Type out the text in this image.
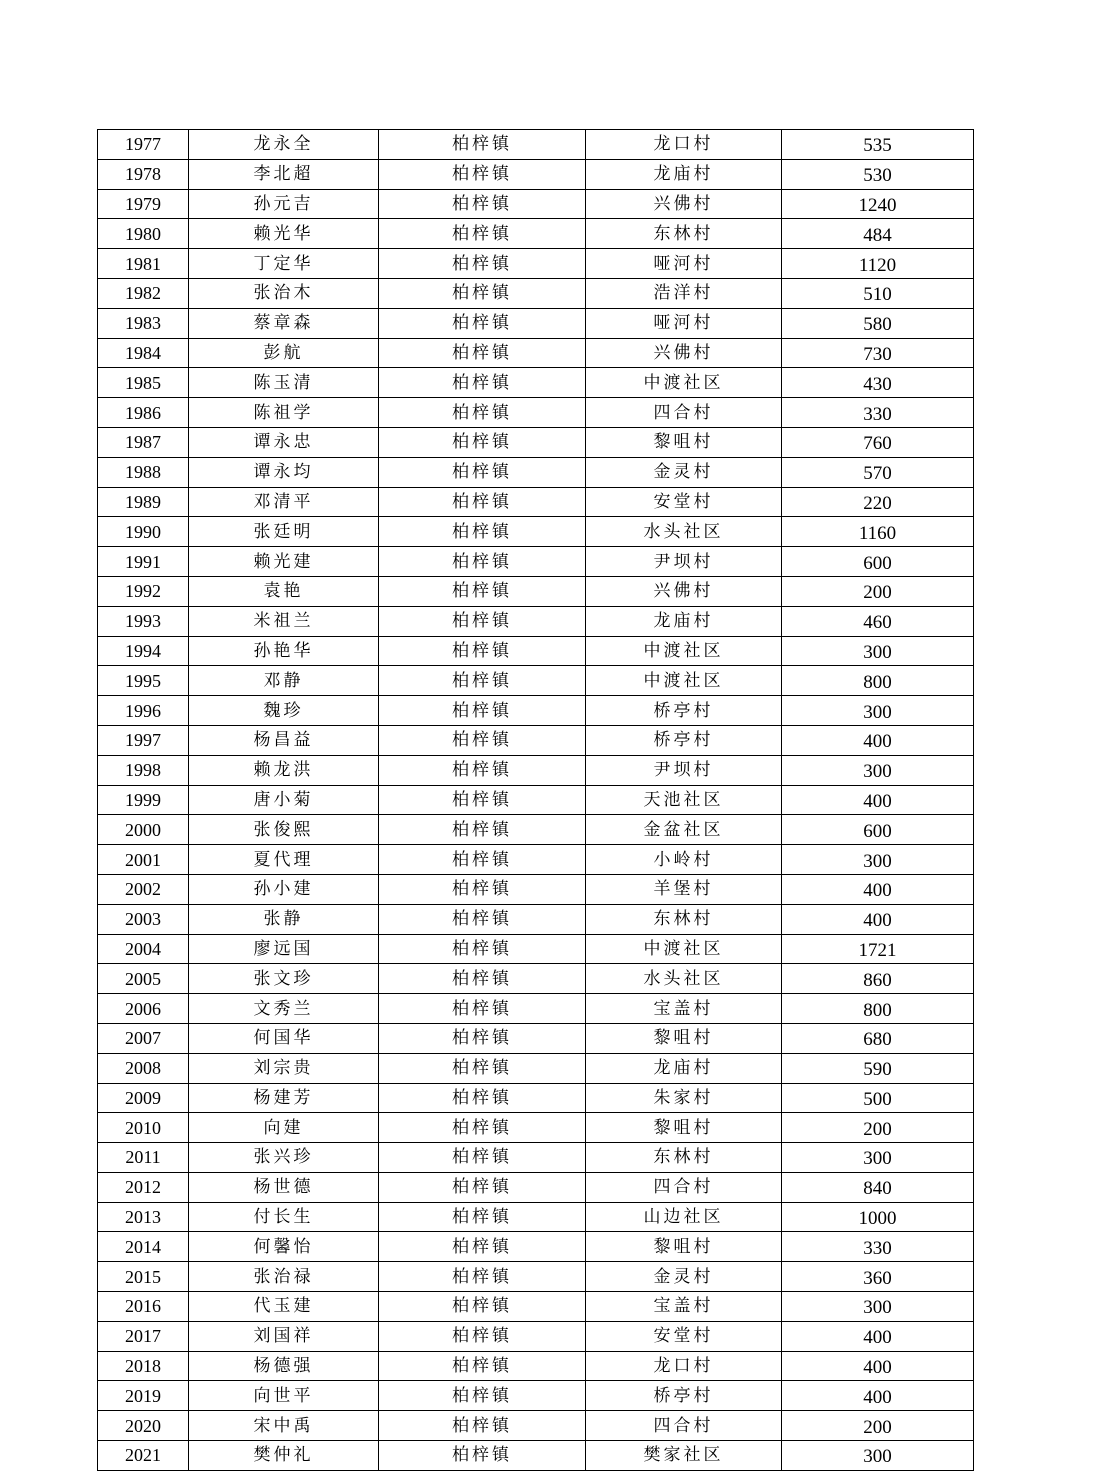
1977	龙永全	柏梓镇	龙口村	535
1978	李北超	柏梓镇	龙庙村	530
1979	孙元吉	柏梓镇	兴佛村	1240
1980	赖光华	柏梓镇	东林村	484
1981	丁定华	柏梓镇	哑河村	1120
1982	张治木	柏梓镇	浩洋村	510
1983	蔡章森	柏梓镇	哑河村	580
1984	彭航	柏梓镇	兴佛村	730
1985	陈玉清	柏梓镇	中渡社区	430
1986	陈祖学	柏梓镇	四合村	330
1987	谭永忠	柏梓镇	黎咀村	760
1988	谭永均	柏梓镇	金灵村	570
1989	邓清平	柏梓镇	安堂村	220
1990	张廷明	柏梓镇	水头社区	1160
1991	赖光建	柏梓镇	尹坝村	600
1992	袁艳	柏梓镇	兴佛村	200
1993	米祖兰	柏梓镇	龙庙村	460
1994	孙艳华	柏梓镇	中渡社区	300
1995	邓静	柏梓镇	中渡社区	800
1996	魏珍	柏梓镇	桥亭村	300
1997	杨昌益	柏梓镇	桥亭村	400
1998	赖龙洪	柏梓镇	尹坝村	300
1999	唐小菊	柏梓镇	天池社区	400
2000	张俊熙	柏梓镇	金盆社区	600
2001	夏代理	柏梓镇	小岭村	300
2002	孙小建	柏梓镇	羊堡村	400
2003	张静	柏梓镇	东林村	400
2004	廖远国	柏梓镇	中渡社区	1721
2005	张文珍	柏梓镇	水头社区	860
2006	文秀兰	柏梓镇	宝盖村	800
2007	何国华	柏梓镇	黎咀村	680
2008	刘宗贵	柏梓镇	龙庙村	590
2009	杨建芳	柏梓镇	朱家村	500
2010	向建	柏梓镇	黎咀村	200
2011	张兴珍	柏梓镇	东林村	300
2012	杨世德	柏梓镇	四合村	840
2013	付长生	柏梓镇	山边社区	1000
2014	何馨怡	柏梓镇	黎咀村	330
2015	张治禄	柏梓镇	金灵村	360
2016	代玉建	柏梓镇	宝盖村	300
2017	刘国祥	柏梓镇	安堂村	400
2018	杨德强	柏梓镇	龙口村	400
2019	向世平	柏梓镇	桥亭村	400
2020	宋中禹	柏梓镇	四合村	200
2021	樊仲礼	柏梓镇	樊家社区	300
